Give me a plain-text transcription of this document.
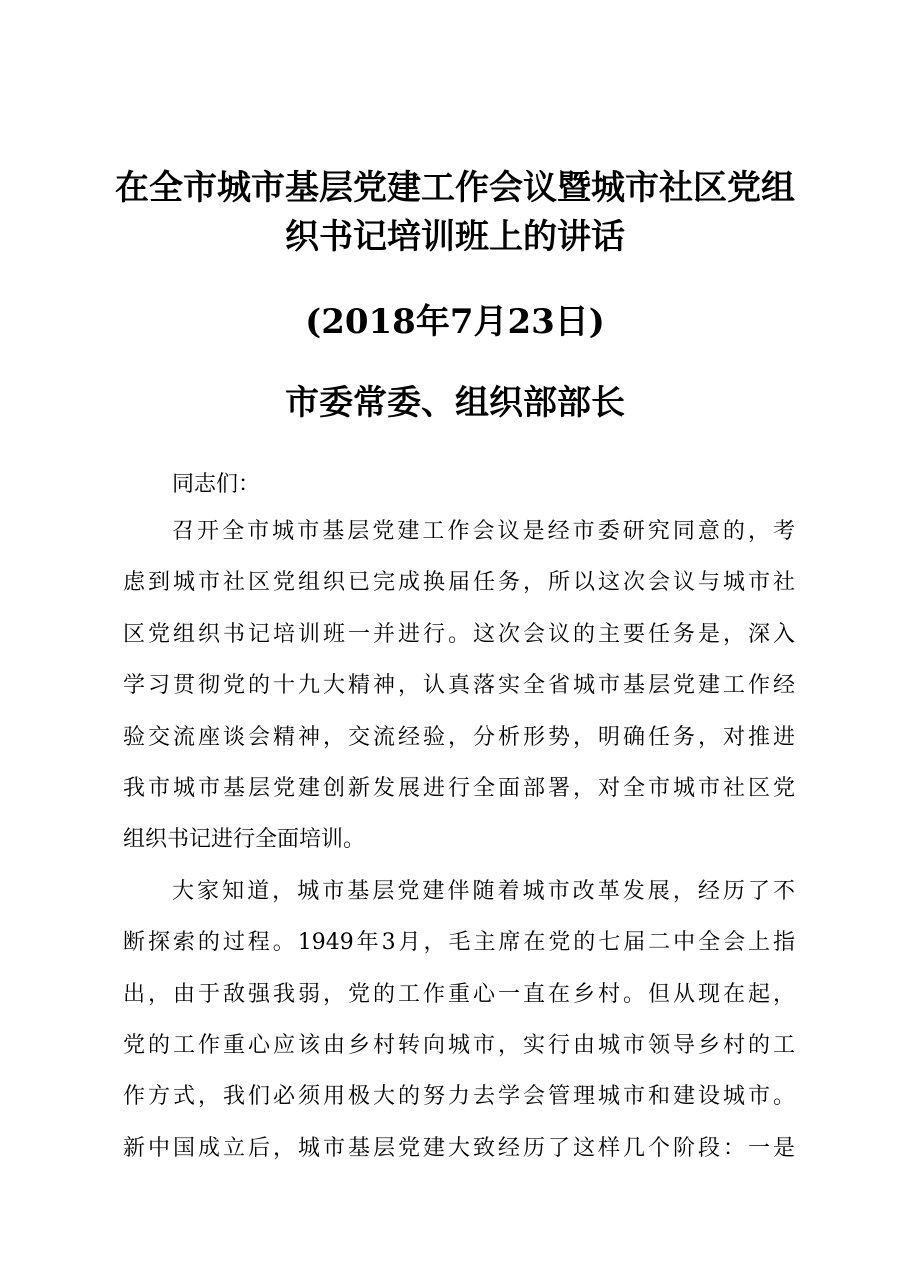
在全市城市基层党建工作会议暨城市社区党组
织书记培训班上的讲话
(2018年7月23日)
市委常委、组织部部长
同志们：
召开全市城市基层党建工作会议是经市委研究同意的，考
虑到城市社区党组织已完成换届任务，所以这次会议与城市社
区党组织书记培训班一并进行。这次会议的主要任务是，深入
学习贯彻党的十九大精神，认真落实全省城市基层党建工作经
验交流座谈会精神，交流经验，分析形势，明确任务，对推进
我市城市基层党建创新发展进行全面部署，对全市城市社区党
组织书记进行全面培训。
大家知道，城市基层党建伴随着城市改革发展，经历了不
断探索的过程。1949年3月，毛主席在党的七届二中全会上指
出，由于敌强我弱，党的工作重心一直在乡村。但从现在起，
党的工作重心应该由乡村转向城市，实行由城市领导乡村的工
作方式，我们必须用极大的努力去学会管理城市和建设城市。
新中国成立后，城市基层党建大致经历了这样几个阶段：一是
